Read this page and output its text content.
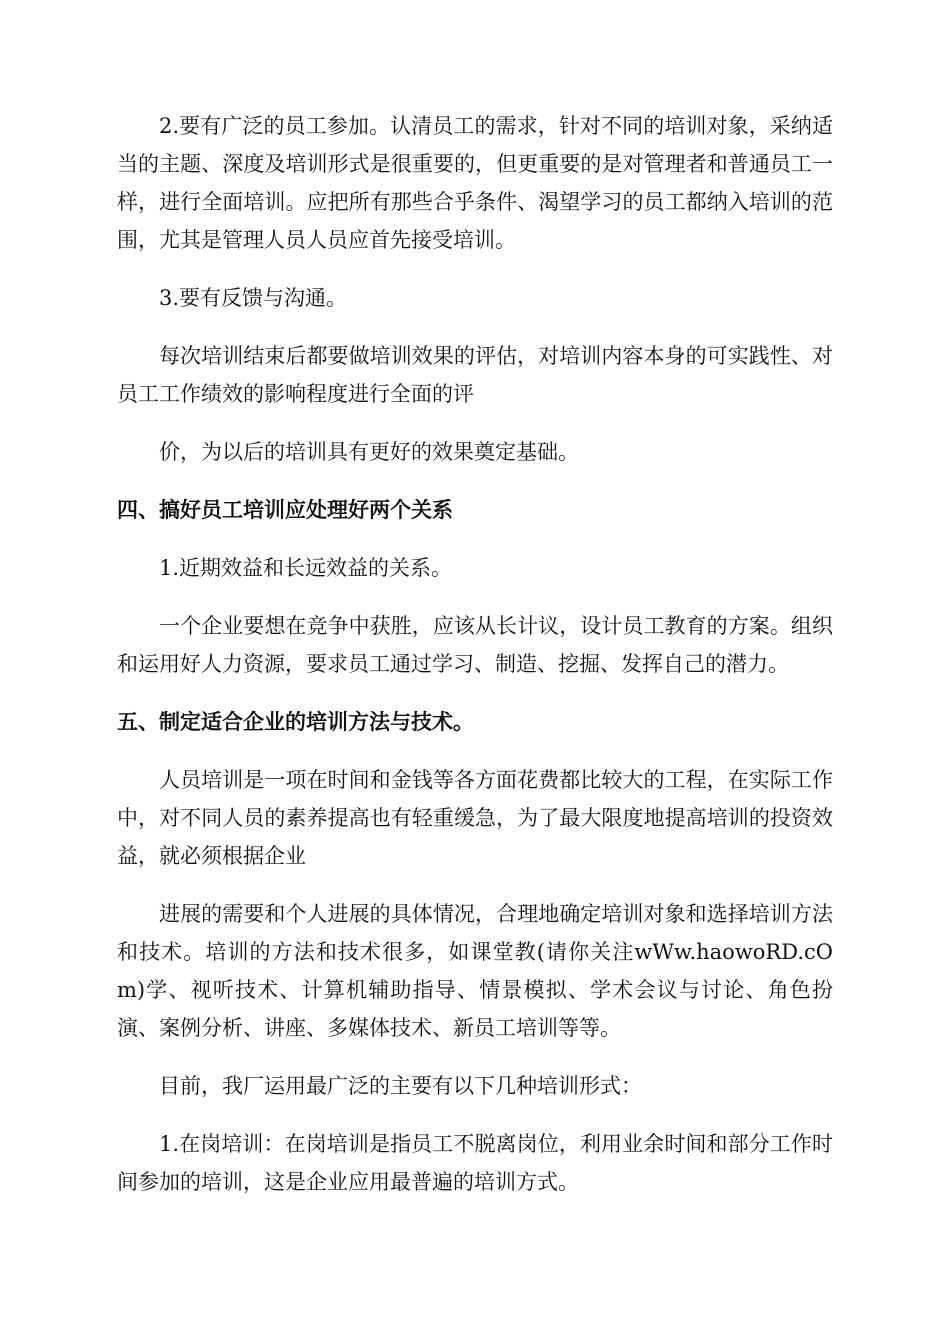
2.要有广泛的员工参加。认清员工的需求，针对不同的培训对象，采纳适当的主题、深度及培训形式是很重要的，但更重要的是对管理者和普通员工一样，进行全面培训。应把所有那些合乎条件、渴望学习的员工都纳入培训的范围，尤其是管理人员人员应首先接受培训。

3.要有反馈与沟通。

每次培训结束后都要做培训效果的评估，对培训内容本身的可实践性、对员工工作绩效的影响程度进行全面的评

价，为以后的培训具有更好的效果奠定基础。

四、搞好员工培训应处理好两个关系

1.近期效益和长远效益的关系。

一个企业要想在竞争中获胜，应该从长计议，设计员工教育的方案。组织和运用好人力资源，要求员工通过学习、制造、挖掘、发挥自己的潜力。

五、制定适合企业的培训方法与技术。

人员培训是一项在时间和金钱等各方面花费都比较大的工程，在实际工作中，对不同人员的素养提高也有轻重缓急，为了最大限度地提高培训的投资效益，就必须根据企业

进展的需要和个人进展的具体情况，合理地确定培训对象和选择培训方法和技术。培训的方法和技术很多，如课堂教(请你关注wWw.haowoRD.cOm)学、视听技术、计算机辅助指导、情景模拟、学术会议与讨论、角色扮演、案例分析、讲座、多媒体技术、新员工培训等等。

目前，我厂运用最广泛的主要有以下几种培训形式：

1.在岗培训：在岗培训是指员工不脱离岗位，利用业余时间和部分工作时间参加的培训，这是企业应用最普遍的培训方式。
